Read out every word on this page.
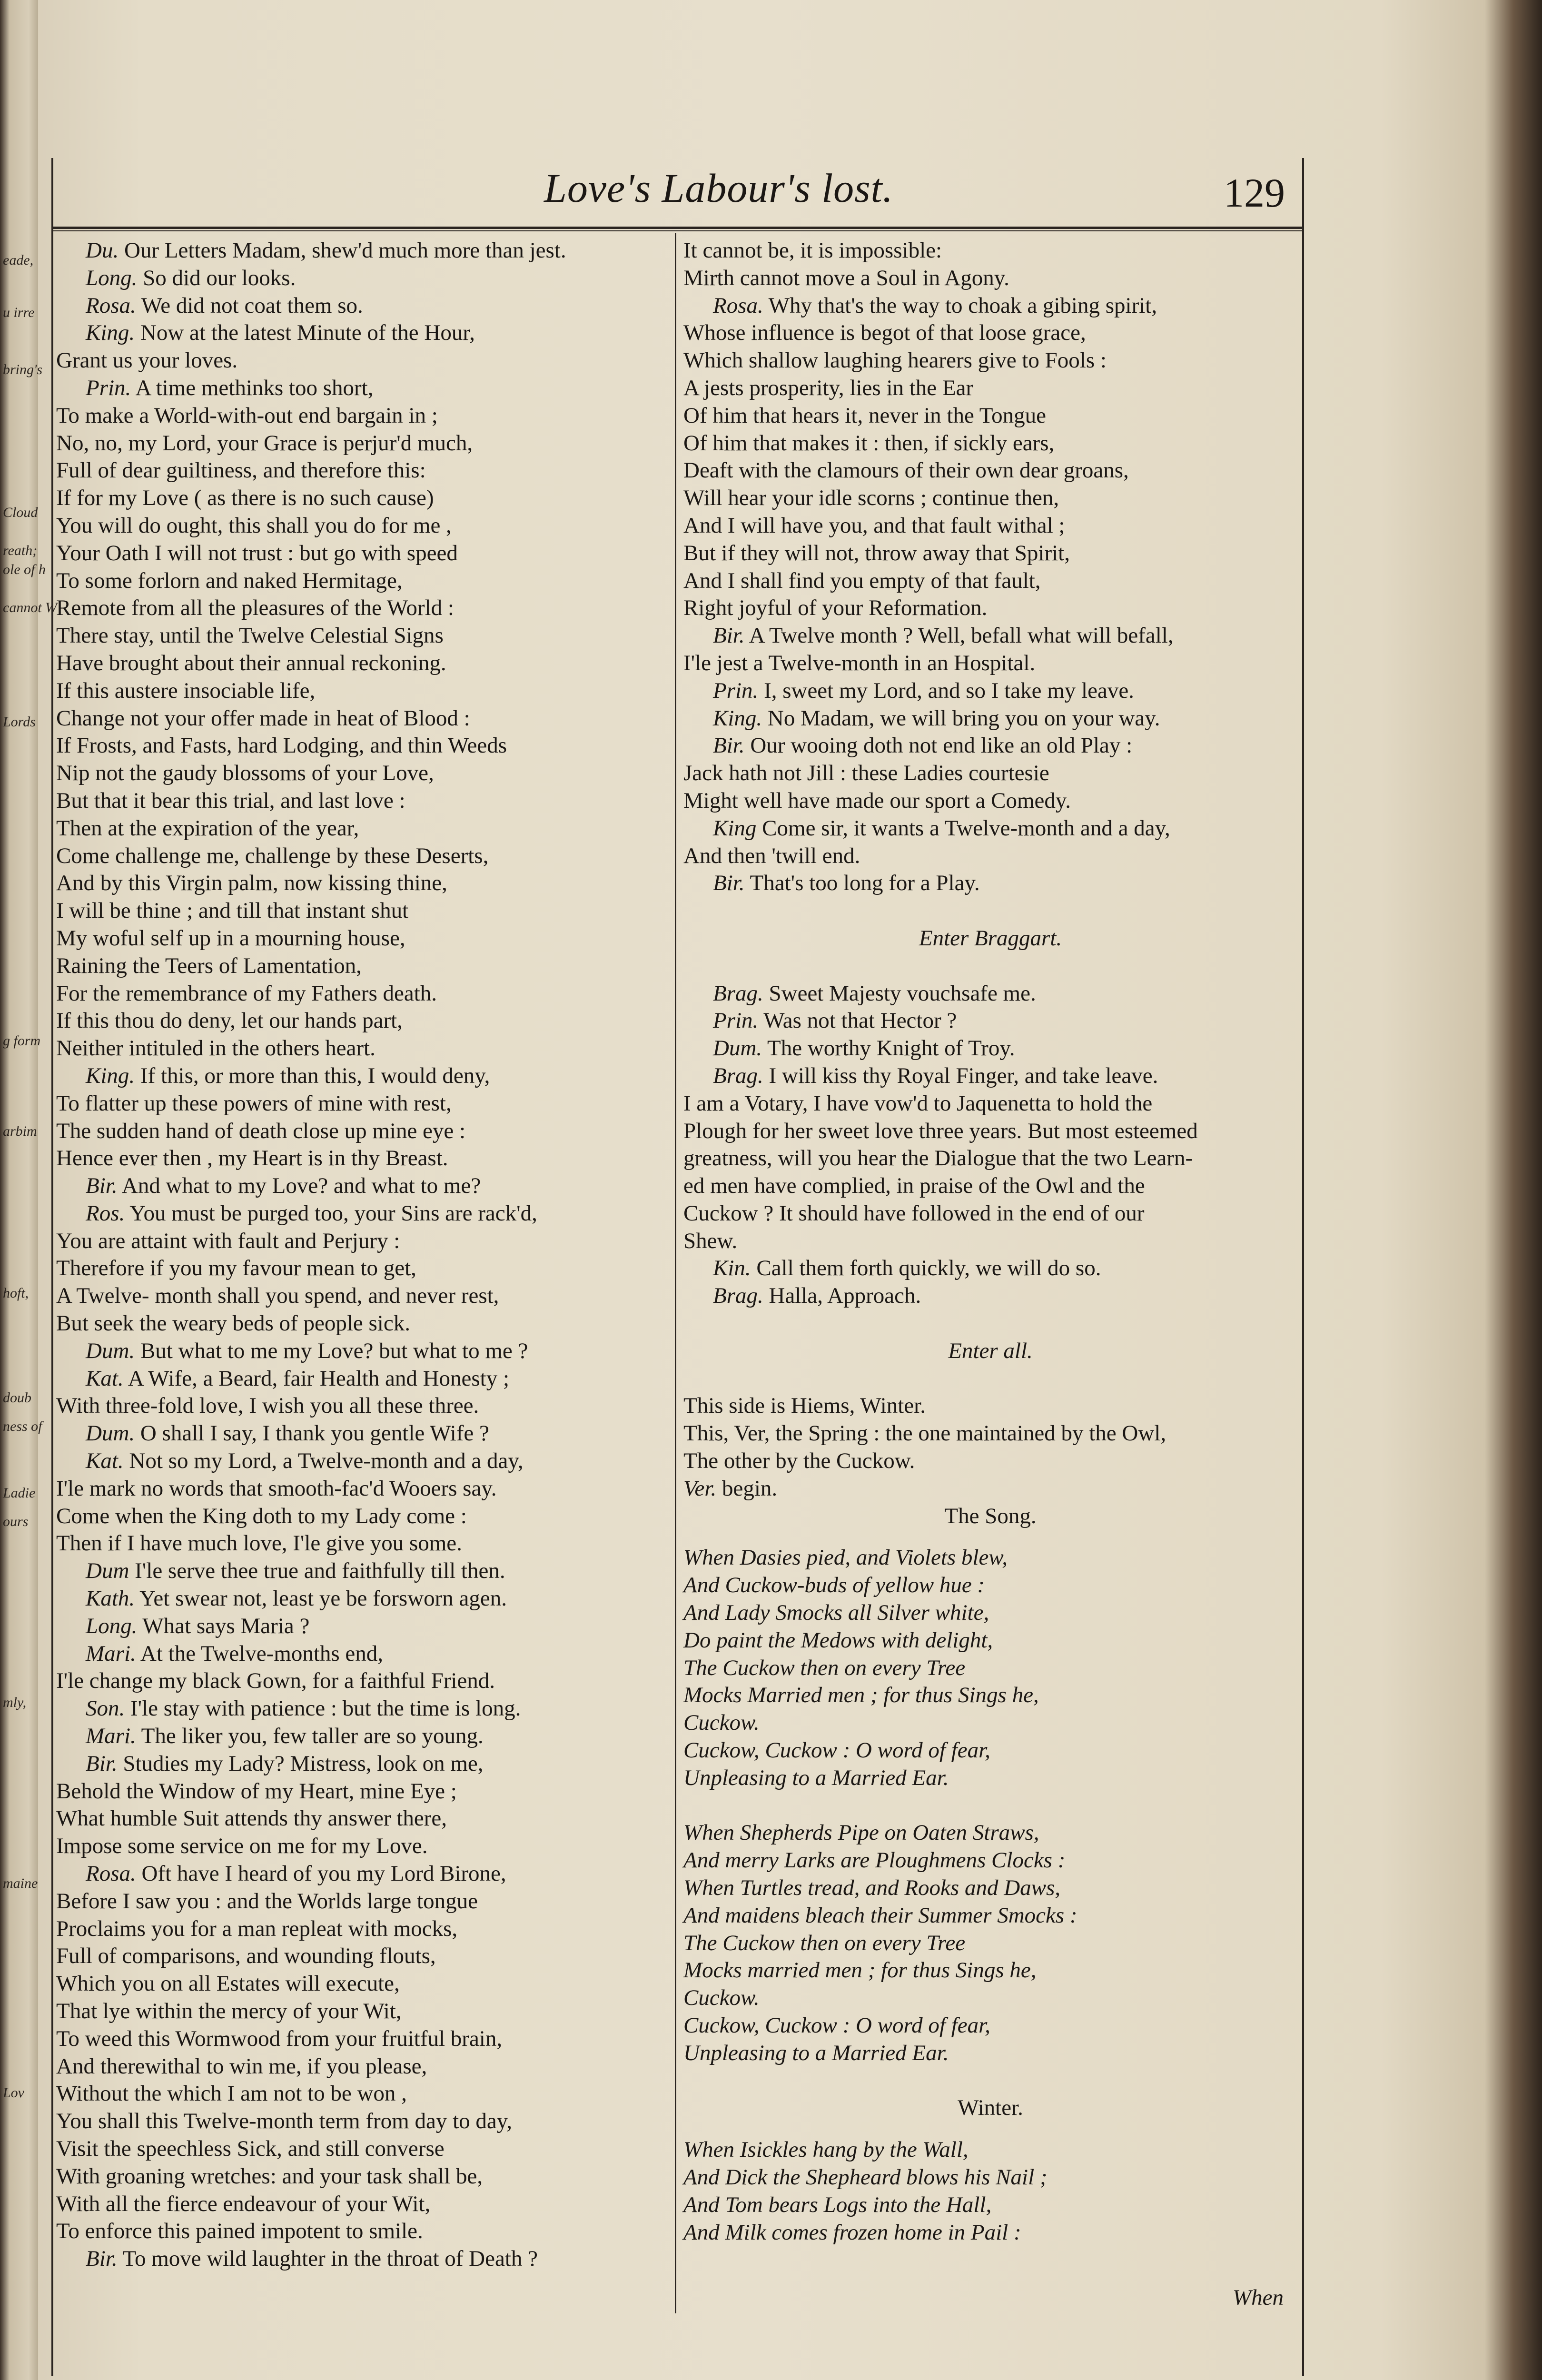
eade,
u irre
bring's
Cloud
reath;
ole of h
cannot W
Lords
g form
arbim
hoft,
doub
ness of
Ladie
ours
mly,
maine
Lov
Love's Labour's lost.	129
Du. Our Letters Madam, shew'd much more than jest.
Long. So did our looks.
Rosa. We did not coat them so.
King. Now at the latest Minute of the Hour,
Grant us your loves.
Prin. A time methinks too short,
To make a World-with-out end bargain in ;
No, no, my Lord, your Grace is perjur'd much,
Full of dear guiltiness, and therefore this:
If for my Love ( as there is no such cause)
You will do ought, this shall you do for me ,
Your Oath I will not trust : but go with speed
To some forlorn and naked Hermitage,
Remote from all the pleasures of the World :
There stay, until the Twelve Celestial Signs
Have brought about their annual reckoning.
If this austere insociable life,
Change not your offer made in heat of Blood :
If Frosts, and Fasts, hard Lodging, and thin Weeds
Nip not the gaudy blossoms of your Love,
But that it bear this trial, and last love :
Then at the expiration of the year,
Come challenge me, challenge by these Deserts,
And by this Virgin palm, now kissing thine,
I will be thine ; and till that instant shut
My woful self up in a mourning house,
Raining the Teers of Lamentation,
For the remembrance of my Fathers death.
If this thou do deny, let our hands part,
Neither intituled in the others heart.
King. If this, or more than this, I would deny,
To flatter up these powers of mine with rest,
The sudden hand of death close up mine eye :
Hence ever then , my Heart is in thy Breast.
Bir. And what to my Love? and what to me?
Ros. You must be purged too, your Sins are rack'd,
You are attaint with fault and Perjury :
Therefore if you my favour mean to get,
A Twelve- month shall you spend, and never rest,
But seek the weary beds of people sick.
Dum. But what to me my Love? but what to me ?
Kat. A Wife, a Beard, fair Health and Honesty ;
With three-fold love, I wish you all these three.
Dum. O shall I say, I thank you gentle Wife ?
Kat. Not so my Lord, a Twelve-month and a day,
I'le mark no words that smooth-fac'd Wooers say.
Come when the King doth to my Lady come :
Then if I have much love, I'le give you some.
Dum I'le serve thee true and faithfully till then.
Kath. Yet swear not, least ye be forsworn agen.
Long. What says Maria ?
Mari. At the Twelve-months end,
I'le change my black Gown, for a faithful Friend.
Son. I'le stay with patience : but the time is long.
Mari. The liker you, few taller are so young.
Bir. Studies my Lady? Mistress, look on me,
Behold the Window of my Heart, mine Eye ;
What humble Suit attends thy answer there,
Impose some service on me for my Love.
Rosa. Oft have I heard of you my Lord Birone,
Before I saw you : and the Worlds large tongue
Proclaims you for a man repleat with mocks,
Full of comparisons, and wounding flouts,
Which you on all Estates will execute,
That lye within the mercy of your Wit,
To weed this Wormwood from your fruitful brain,
And therewithal to win me, if you please,
Without the which I am not to be won ,
You shall this Twelve-month term from day to day,
Visit the speechless Sick, and still converse
With groaning wretches: and your task shall be,
With all the fierce endeavour of your Wit,
To enforce this pained impotent to smile.
Bir. To move wild laughter in the throat of Death ?
It cannot be, it is impossible:
Mirth cannot move a Soul in Agony.
Rosa. Why that's the way to choak a gibing spirit,
Whose influence is begot of that loose grace,
Which shallow laughing hearers give to Fools :
A jests prosperity, lies in the Ear
Of him that hears it, never in the Tongue
Of him that makes it : then, if sickly ears,
Deaft with the clamours of their own dear groans,
Will hear your idle scorns ; continue then,
And I will have you, and that fault withal ;
But if they will not, throw away that Spirit,
And I shall find you empty of that fault,
Right joyful of your Reformation.
Bir. A Twelve month ? Well, befall what will befall,
I'le jest a Twelve-month in an Hospital.
Prin. I, sweet my Lord, and so I take my leave.
King. No Madam, we will bring you on your way.
Bir. Our wooing doth not end like an old Play :
Jack hath not Jill : these Ladies courtesie
Might well have made our sport a Comedy.
King Come sir, it wants a Twelve-month and a day,
And then 'twill end.
Bir. That's too long for a Play.
Enter Braggart.
Brag. Sweet Majesty vouchsafe me.
Prin. Was not that Hector ?
Dum. The worthy Knight of Troy.
Brag. I will kiss thy Royal Finger, and take leave.
I am a Votary, I have vow'd to Jaquenetta to hold the
Plough for her sweet love three years. But most esteemed
greatness, will you hear the Dialogue that the two Learn-
ed men have complied, in praise of the Owl and the
Cuckow ? It should have followed in the end of our
Shew.
Kin. Call them forth quickly, we will do so.
Brag. Halla, Approach.
Enter all.
This side is Hiems, Winter.
This, Ver, the Spring : the one maintained by the Owl,
The other by the Cuckow.
Ver. begin.
The Song.
When Dasies pied, and Violets blew,
And Cuckow-buds of yellow hue :
And Lady Smocks all Silver white,
Do paint the Medows with delight,
The Cuckow then on every Tree
Mocks Married men ; for thus Sings he,
Cuckow.
Cuckow, Cuckow : O word of fear,
Unpleasing to a Married Ear.
When Shepherds Pipe on Oaten Straws,
And merry Larks are Ploughmens Clocks :
When Turtles tread, and Rooks and Daws,
And maidens bleach their Summer Smocks :
The Cuckow then on every Tree
Mocks married men ; for thus Sings he,
Cuckow.
Cuckow, Cuckow : O word of fear,
Unpleasing to a Married Ear.
Winter.
When Isickles hang by the Wall,
And Dick the Shepheard blows his Nail ;
And Tom bears Logs into the Hall,
And Milk comes frozen home in Pail :
When
